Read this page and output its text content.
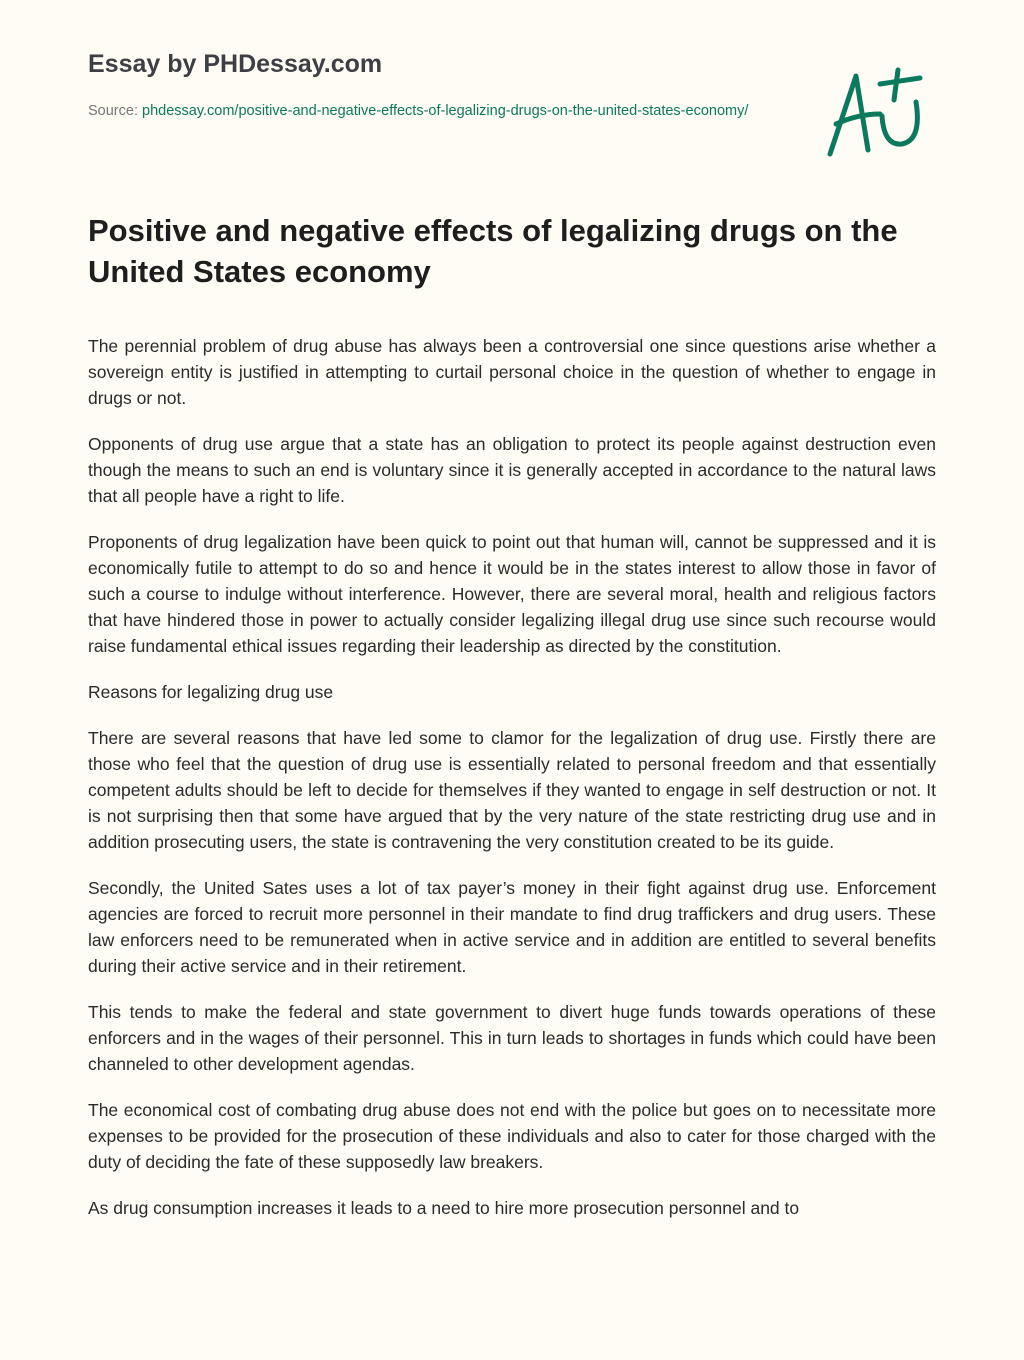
Essay by PHDessay.com
Source: phdessay.com/positive-and-negative-effects-of-legalizing-drugs-on-the-united-states-economy/
Positive and negative effects of legalizing drugs on the United States economy

The perennial problem of drug abuse has always been a controversial one since questions arise whether a sovereign entity is justified in attempting to curtail personal choice in the question of whether to engage in drugs or not.

Opponents of drug use argue that a state has an obligation to protect its people against destruction even though the means to such an end is voluntary since it is generally accepted in accordance to the natural laws that all people have a right to life.

Proponents of drug legalization have been quick to point out that human will, cannot be suppressed and it is economically futile to attempt to do so and hence it would be in the states interest to allow those in favor of such a course to indulge without interference. However, there are several moral, health and religious factors that have hindered those in power to actually consider legalizing illegal drug use since such recourse would raise fundamental ethical issues regarding their leadership as directed by the constitution.

Reasons for legalizing drug use

There are several reasons that have led some to clamor for the legalization of drug use. Firstly there are those who feel that the question of drug use is essentially related to personal freedom and that essentially competent adults should be left to decide for themselves if they wanted to engage in self destruction or not. It is not surprising then that some have argued that by the very nature of the state restricting drug use and in addition prosecuting users, the state is contravening the very constitution created to be its guide.

Secondly, the United Sates uses a lot of tax payer’s money in their fight against drug use. Enforcement agencies are forced to recruit more personnel in their mandate to find drug traffickers and drug users. These law enforcers need to be remunerated when in active service and in addition are entitled to several benefits during their active service and in their retirement.

This tends to make the federal and state government to divert huge funds towards operations of these enforcers and in the wages of their personnel. This in turn leads to shortages in funds which could have been channeled to other development agendas.

The economical cost of combating drug abuse does not end with the police but goes on to necessitate more expenses to be provided for the prosecution of these individuals and also to cater for those charged with the duty of deciding the fate of these supposedly law breakers.

As drug consumption increases it leads to a need to hire more prosecution personnel and to
